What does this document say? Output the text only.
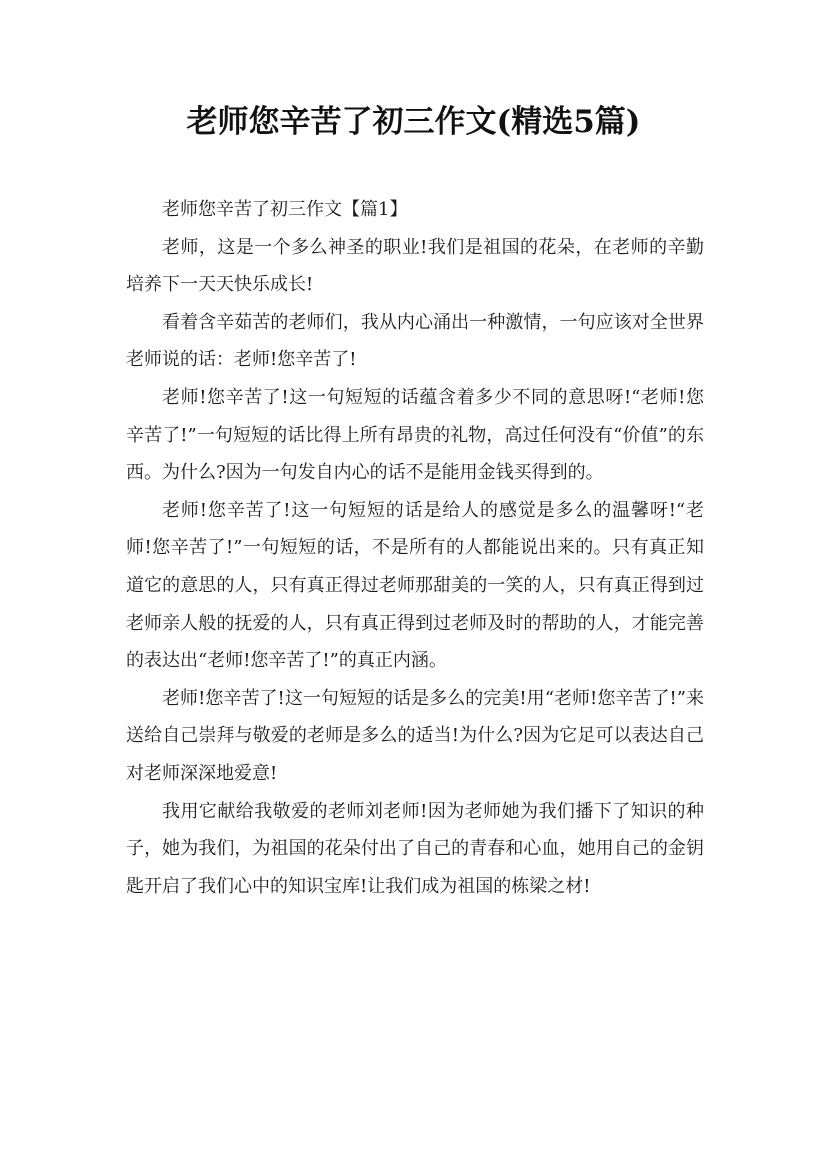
老师您辛苦了初三作文(精选5篇)

老师您辛苦了初三作文【篇1】

老师，这是一个多么神圣的职业!我们是祖国的花朵，在老师的辛勤培养下一天天快乐成长!

看着含辛茹苦的老师们，我从内心涌出一种激情，一句应该对全世界老师说的话：老师!您辛苦了!

老师!您辛苦了!这一句短短的话蕴含着多少不同的意思呀!“老师!您辛苦了!”一句短短的话比得上所有昂贵的礼物，高过任何没有“价值”的东西。为什么?因为一句发自内心的话不是能用金钱买得到的。

老师!您辛苦了!这一句短短的话是给人的感觉是多么的温馨呀!“老师!您辛苦了!”一句短短的话，不是所有的人都能说出来的。只有真正知道它的意思的人，只有真正得过老师那甜美的一笑的人，只有真正得到过老师亲人般的抚爱的人，只有真正得到过老师及时的帮助的人，才能完善的表达出“老师!您辛苦了!”的真正内涵。

老师!您辛苦了!这一句短短的话是多么的完美!用“老师!您辛苦了!”来送给自己崇拜与敬爱的老师是多么的适当!为什么?因为它足可以表达自己对老师深深地爱意!

我用它献给我敬爱的老师刘老师!因为老师她为我们播下了知识的种子，她为我们，为祖国的花朵付出了自己的青春和心血，她用自己的金钥匙开启了我们心中的知识宝库!让我们成为祖国的栋梁之材!
